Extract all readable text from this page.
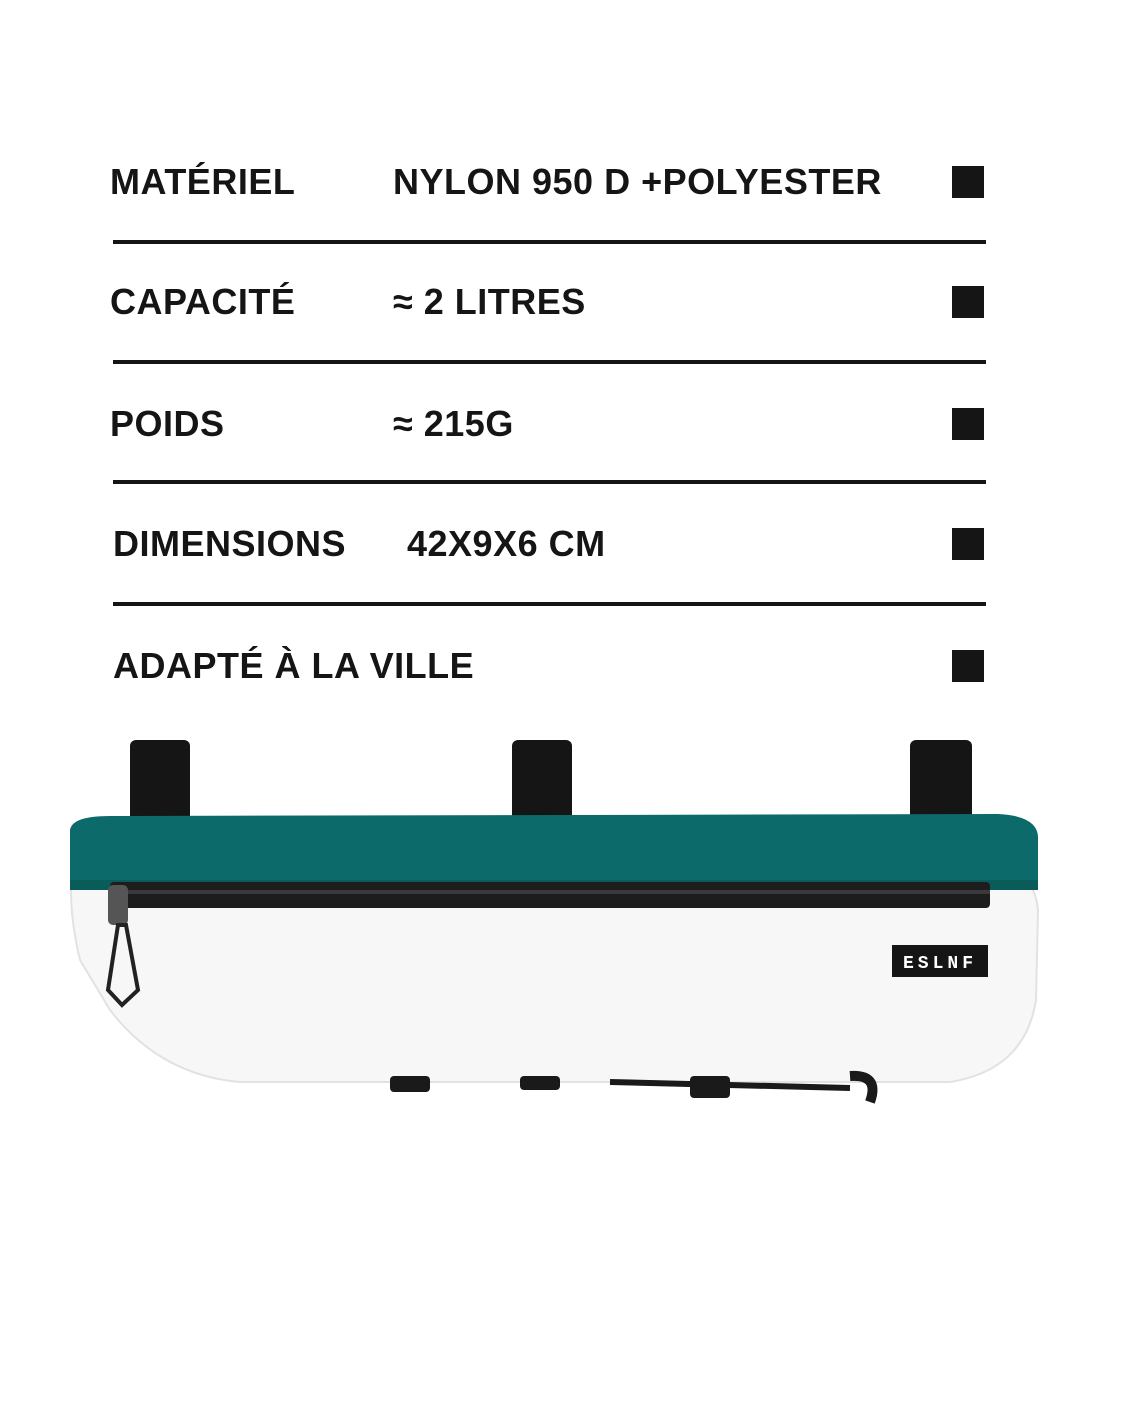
MATÉRIEL	NYLON 950 D +POLYESTER
CAPACITÉ	≈ 2 LITRES
POIDS	≈ 215G
DIMENSIONS 42X9X6 CM
ADAPTÉ À LA VILLE
ESLNF
